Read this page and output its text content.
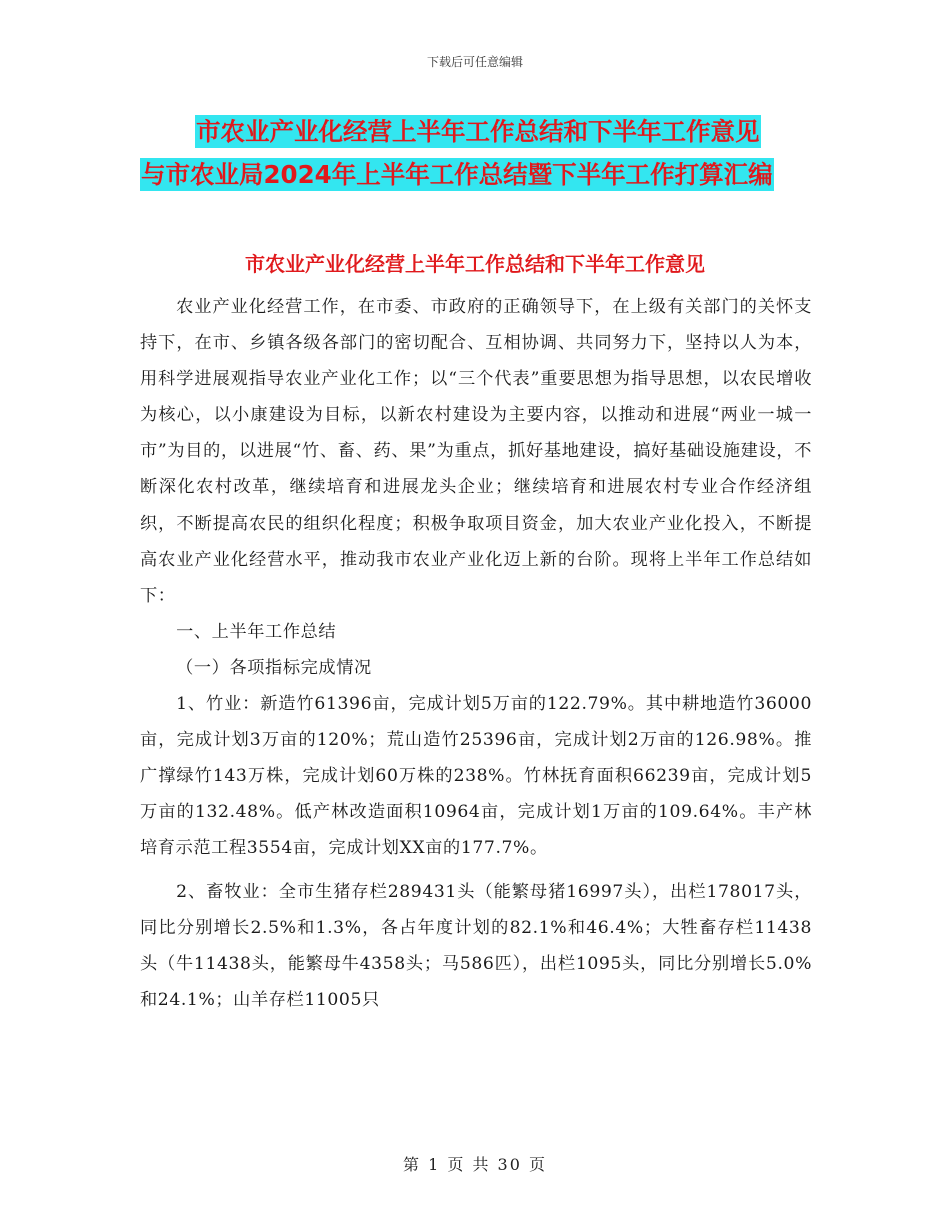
下载后可任意编辑
市农业产业化经营上半年工作总结和下半年工作意见
与市农业局2024年上半年工作总结暨下半年工作打算汇编
市农业产业化经营上半年工作总结和下半年工作意见

农业产业化经营工作，在市委、市政府的正确领导下，在上级有关部门的关怀支持下，在市、乡镇各级各部门的密切配合、互相协调、共同努力下，坚持以人为本，用科学进展观指导农业产业化工作；以“三个代表”重要思想为指导思想，以农民增收为核心，以小康建设为目标，以新农村建设为主要内容，以推动和进展“两业一城一市”为目的，以进展“竹、畜、药、果”为重点，抓好基地建设，搞好基础设施建设，不断深化农村改革，继续培育和进展龙头企业；继续培育和进展农村专业合作经济组织，不断提高农民的组织化程度；积极争取项目资金，加大农业产业化投入，不断提高农业产业化经营水平，推动我市农业产业化迈上新的台阶。现将上半年工作总结如下：

一、上半年工作总结

（一）各项指标完成情况

1、竹业：新造竹61396亩，完成计划5万亩的122.79%。其中耕地造竹36000亩，完成计划3万亩的120%；荒山造竹25396亩，完成计划2万亩的126.98%。推广撑绿竹143万株，完成计划60万株的238%。竹林抚育面积66239亩，完成计划5万亩的132.48%。低产林改造面积10964亩，完成计划1万亩的109.64%。丰产林培育示范工程3554亩，完成计划XX亩的177.7%。

2、畜牧业：全市生猪存栏289431头（能繁母猪16997头），出栏178017头，同比分别增长2.5%和1.3%，各占年度计划的82.1%和46.4%；大牲畜存栏11438头（牛11438头，能繁母牛4358头；马586匹），出栏1095头，同比分别增长5.0%和24.1%；山羊存栏11005只

第 1 页 共 30 页
